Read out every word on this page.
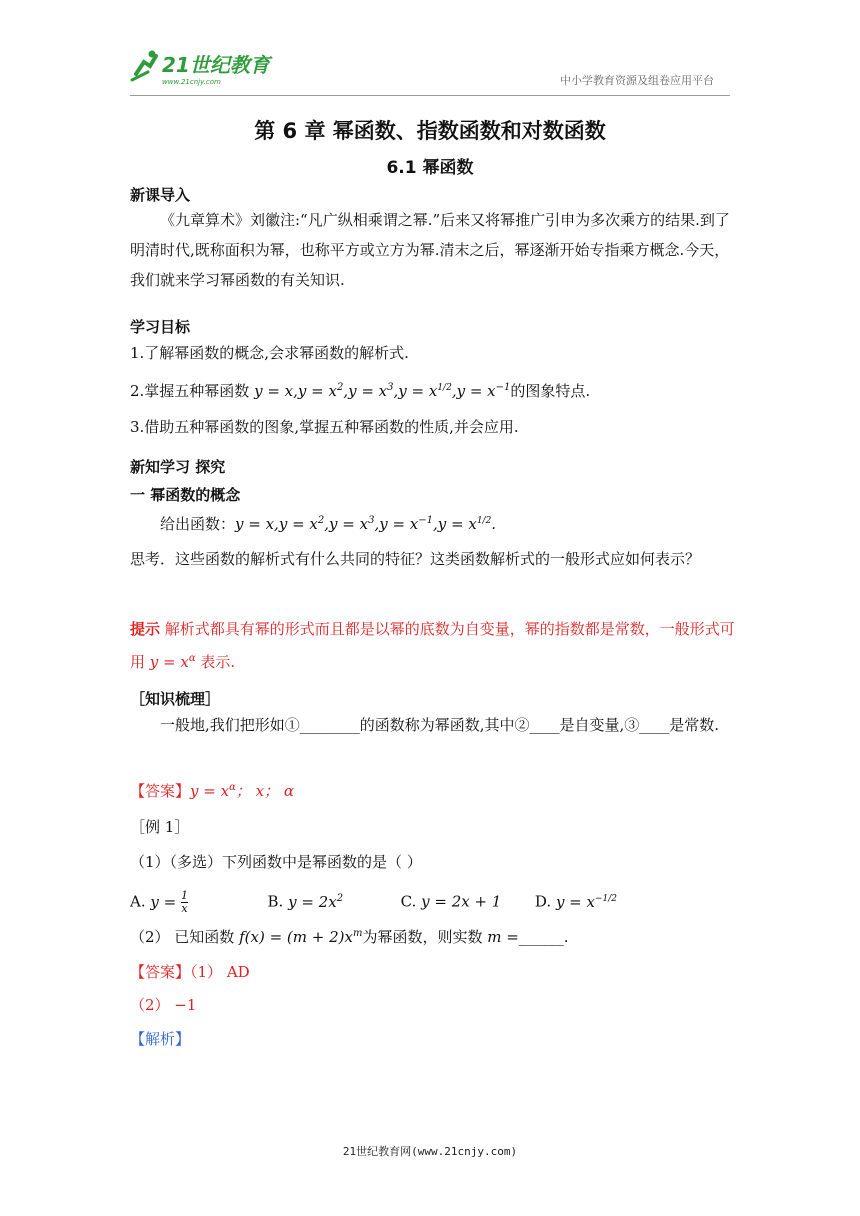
21世纪教育
www.21cnjy.com	中小学教育资源及组卷应用平台
第 6 章 幂函数、指数函数和对数函数
6.1 幂函数
新课导入
《九章算术》刘徽注:“凡广纵相乘谓之幂.”后来又将幂推广引申为多次乘方的结果.到了明清时代,既称面积为幂，也称平方或立方为幂.清末之后，幂逐渐开始专指乘方概念.今天，我们就来学习幂函数的有关知识.
学习目标
1.了解幂函数的概念,会求幂函数的解析式.
2.掌握五种幂函数 $y = x,y = x^2,y = x^3,y = x^{1/2},y = x^{-1}$的图象特点.
3.借助五种幂函数的图象,掌握五种幂函数的性质,并会应用.
新知学习 探究
一 幂函数的概念
给出函数：$y = x,y = x^2,y = x^3,y = x^{-1},y = x^{1/2}$.
思考．这些函数的解析式有什么共同的特征？这类函数解析式的一般形式应如何表示？
提示 解析式都具有幂的形式而且都是以幂的底数为自变量，幂的指数都是常数，一般形式可用 $y = x^\alpha$ 表示.
［知识梳理］
一般地,我们把形如①________的函数称为幂函数,其中②____是自变量,③____是常数.
【答案】$y = x^\alpha$； x； α
［例 1］
（1）（多选）下列函数中是幂函数的是（ ）
A. y = 1

x	B. $y = 2x^2$	C. y = 2x + 1 D. $y = x^{-1/2}$
（2） 已知函数 $f(x) = (m + 2)x^m$为幂函数，则实数 m =______.
【答案】（1） AD
（2） −1
【解析】
21世纪教育网(www.21cnjy.com)
